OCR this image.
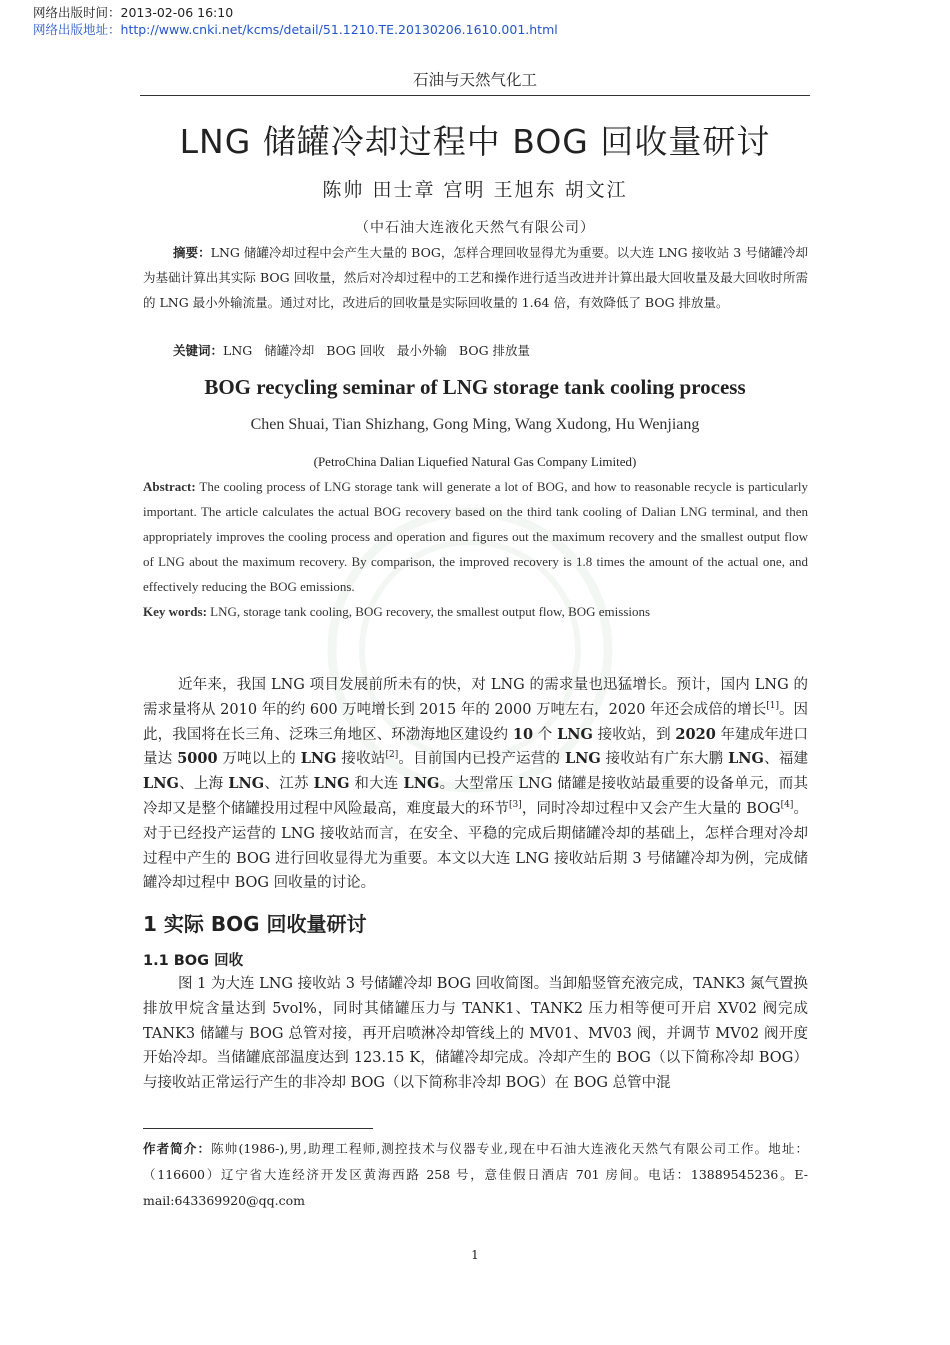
网络出版时间：2013-02-06 16:10
网络出版地址：http://www.cnki.net/kcms/detail/51.1210.TE.20130206.1610.001.html
石油与天然气化工
LNG 储罐冷却过程中 BOG 回收量研讨
陈帅 田士章 宫明 王旭东 胡文江
（中石油大连液化天然气有限公司）
摘要：LNG 储罐冷却过程中会产生大量的 BOG，怎样合理回收显得尤为重要。以大连 LNG 接收站 3 号储罐冷却为基础计算出其实际 BOG 回收量，然后对冷却过程中的工艺和操作进行适当改进并计算出最大回收量及最大回收时所需的 LNG 最小外输流量。通过对比，改进后的回收量是实际回收量的 1.64 倍，有效降低了 BOG 排放量。
关键词：LNG 储罐冷却 BOG 回收 最小外输 BOG 排放量
BOG recycling seminar of LNG storage tank cooling process
Chen Shuai, Tian Shizhang, Gong Ming, Wang Xudong, Hu Wenjiang
(PetroChina Dalian Liquefied Natural Gas Company Limited)
Abstract: The cooling process of LNG storage tank will generate a lot of BOG, and how to reasonable recycle is particularly important. The article calculates the actual BOG recovery based on the third tank cooling of Dalian LNG terminal, and then appropriately improves the cooling process and operation and figures out the maximum recovery and the smallest output flow of LNG about the maximum recovery. By comparison, the improved recovery is 1.8 times the amount of the actual one, and effectively reducing the BOG emissions.
Key words: LNG, storage tank cooling, BOG recovery, the smallest output flow, BOG emissions
近年来，我国 LNG 项目发展前所未有的快，对 LNG 的需求量也迅猛增长。预计，国内 LNG 的需求量将从 2010 年的约 600 万吨增长到 2015 年的 2000 万吨左右，2020 年还会成倍的增长[1]。因此，我国将在长三角、泛珠三角地区、环渤海地区建设约 10 个 LNG 接收站，到 2020 年建成年进口量达 5000 万吨以上的 LNG 接收站[2]。目前国内已投产运营的 LNG 接收站有广东大鹏 LNG、福建 LNG、上海 LNG、江苏 LNG 和大连 LNG。大型常压 LNG 储罐是接收站最重要的设备单元，而其冷却又是整个储罐投用过程中风险最高，难度最大的环节[3]，同时冷却过程中又会产生大量的 BOG[4]。对于已经投产运营的 LNG 接收站而言，在安全、平稳的完成后期储罐冷却的基础上，怎样合理对冷却过程中产生的 BOG 进行回收显得尤为重要。本文以大连 LNG 接收站后期 3 号储罐冷却为例，完成储罐冷却过程中 BOG 回收量的讨论。
1 实际 BOG 回收量研讨
1.1 BOG 回收
图 1 为大连 LNG 接收站 3 号储罐冷却 BOG 回收简图。当卸船竖管充液完成，TANK3 氮气置换排放甲烷含量达到 5vol%，同时其储罐压力与 TANK1、TANK2 压力相等便可开启 XV02 阀完成 TANK3 储罐与 BOG 总管对接，再开启喷淋冷却管线上的 MV01、MV03 阀，并调节 MV02 阀开度开始冷却。当储罐底部温度达到 123.15 K，储罐冷却完成。冷却产生的 BOG（以下简称冷却 BOG）与接收站正常运行产生的非冷却 BOG（以下简称非冷却 BOG）在 BOG 总管中混
作者简介：陈帅(1986-),男,助理工程师,测控技术与仪器专业,现在中石油大连液化天然气有限公司工作。地址：（116600）辽宁省大连经济开发区黄海西路 258 号，意佳假日酒店 701 房间。电话：13889545236。E-mail:643369920@qq.com
1
